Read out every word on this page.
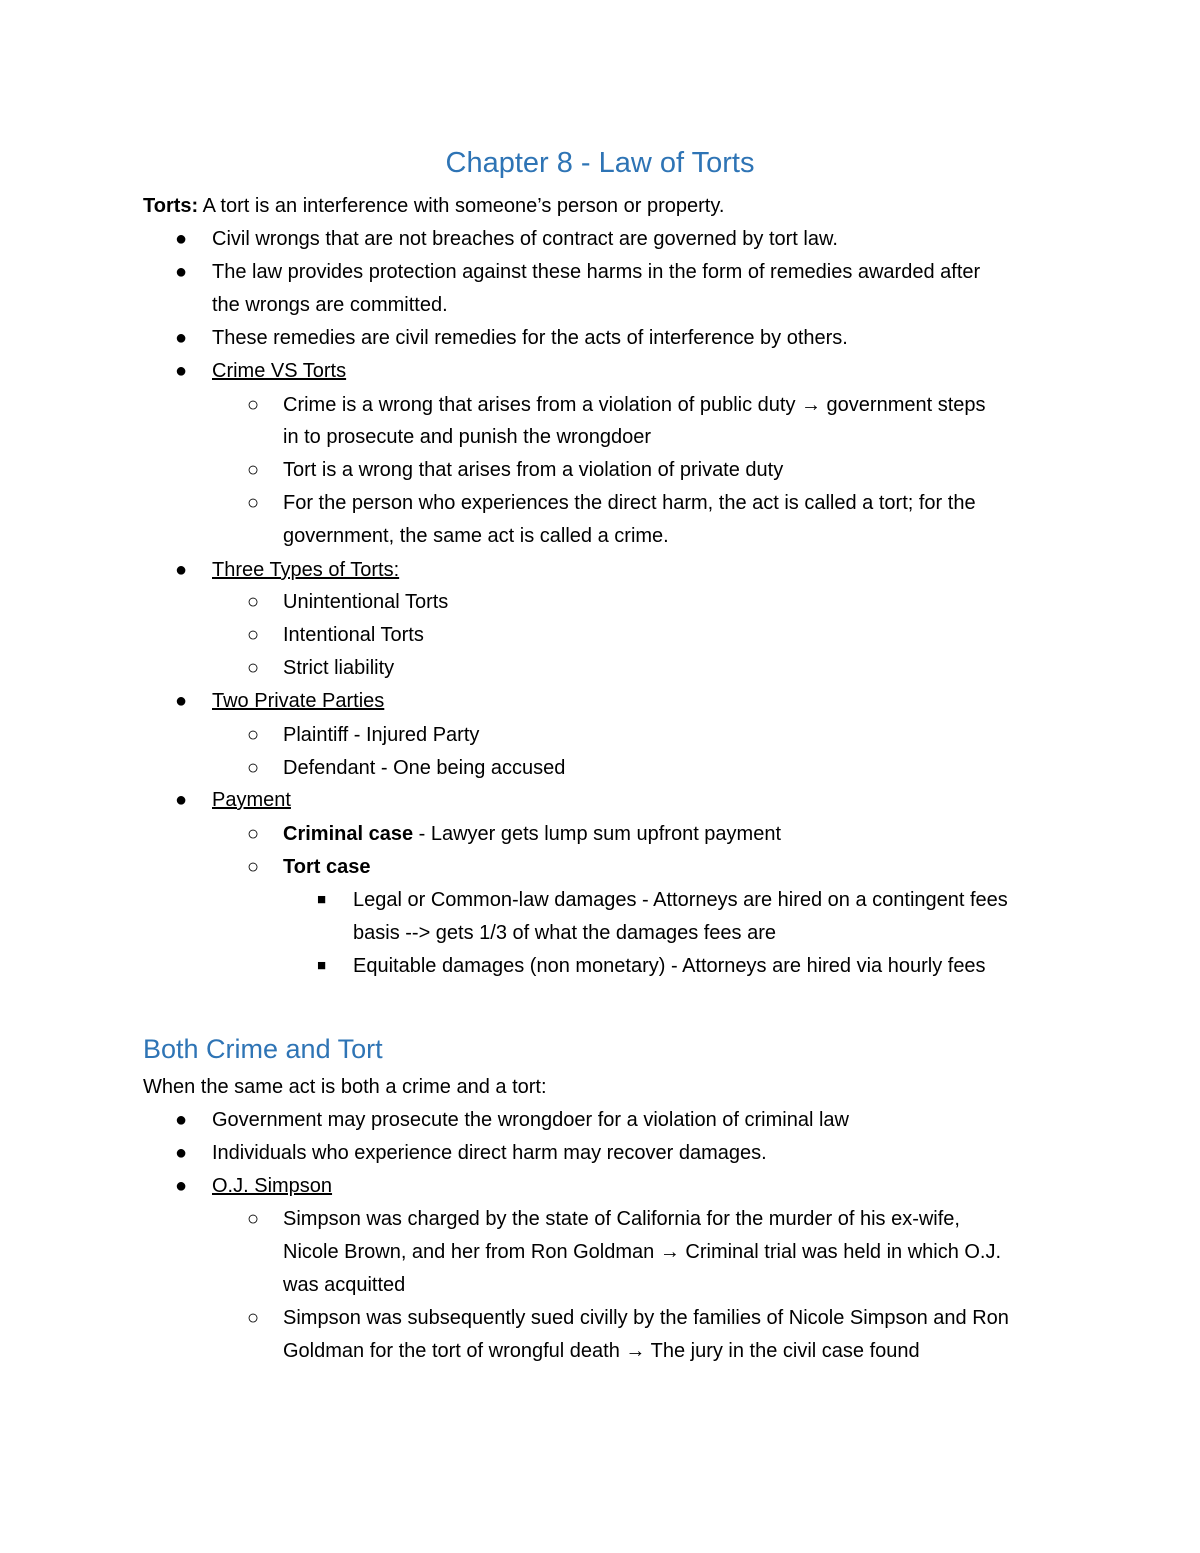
Chapter 8 - Law of Torts
Torts: A tort is an interference with someone’s person or property.
● Civil wrongs that are not breaches of contract are governed by tort law.
● The law provides protection against these harms in the form of remedies awarded after
the wrongs are committed.
● These remedies are civil remedies for the acts of interference by others.
● Crime VS Torts
○ Crime is a wrong that arises from a violation of public duty → government steps
in to prosecute and punish the wrongdoer
○ Tort is a wrong that arises from a violation of private duty
○ For the person who experiences the direct harm, the act is called a tort; for the
government, the same act is called a crime.
● Three Types of Torts:
○ Unintentional Torts
○ Intentional Torts
○ Strict liability
● Two Private Parties
○ Plaintiff - Injured Party
○ Defendant - One being accused
● Payment
○ Criminal case - Lawyer gets lump sum upfront payment
○ Tort case
■ Legal or Common-law damages - Attorneys are hired on a contingent fees
basis --> gets 1/3 of what the damages fees are
■ Equitable damages (non monetary) - Attorneys are hired via hourly fees
Both Crime and Tort
When the same act is both a crime and a tort:
● Government may prosecute the wrongdoer for a violation of criminal law
● Individuals who experience direct harm may recover damages.
● O.J. Simpson
○ Simpson was charged by the state of California for the murder of his ex-wife,
Nicole Brown, and her from Ron Goldman → Criminal trial was held in which O.J.
was acquitted
○ Simpson was subsequently sued civilly by the families of Nicole Simpson and Ron
Goldman for the tort of wrongful death → The jury in the civil case found
